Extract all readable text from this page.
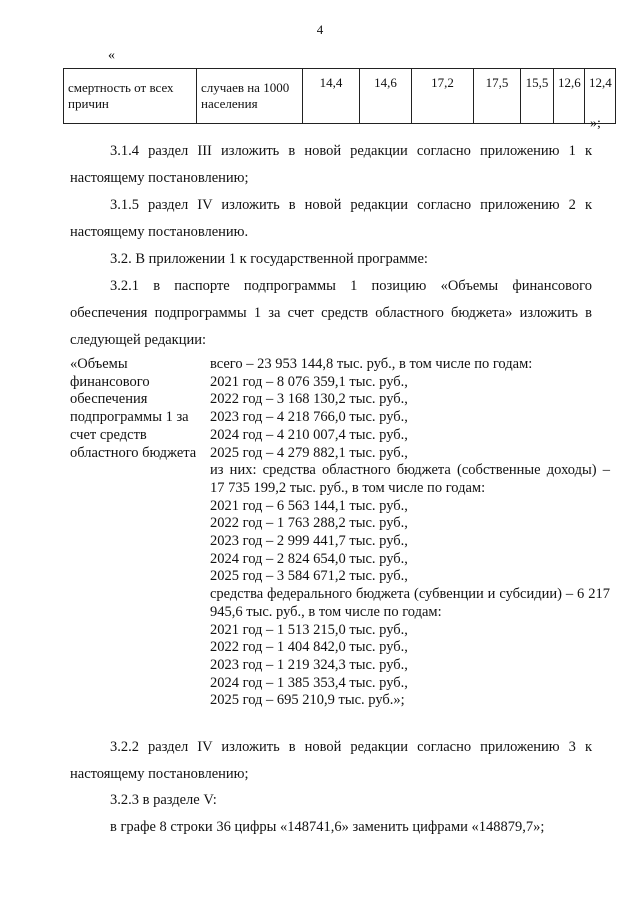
4
«
смертность от всех причин	случаев на 1000 населения	14,4	14,6	17,2	17,5	15,5	12,6	12,4
»;

3.1.4 раздел III изложить в новой редакции согласно приложению 1 к настоящему постановлению;

3.1.5 раздел IV изложить в новой редакции согласно приложению 2 к настоящему постановлению.

3.2. В приложении 1 к государственной программе:

3.2.1 в паспорте подпрограммы 1 позицию «Объемы финансового обеспечения подпрограммы 1 за счет средств областного бюджета» изложить в следующей редакции:

«Объемы финансового обеспечения подпрограммы 1 за счет средств областного бюджета
всего – 23 953 144,8 тыс. руб., в том числе по годам:
2021 год – 8 076 359,1 тыс. руб.,
2022 год – 3 168 130,2 тыс. руб.,
2023 год – 4 218 766,0 тыс. руб.,
2024 год – 4 210 007,4 тыс. руб.,
2025 год – 4 279 882,1 тыс. руб.,
из них: средства областного бюджета (собственные доходы) – 17 735 199,2 тыс. руб., в том числе по годам:
2021 год – 6 563 144,1 тыс. руб.,
2022 год – 1 763 288,2 тыс. руб.,
2023 год – 2 999 441,7 тыс. руб.,
2024 год – 2 824 654,0 тыс. руб.,
2025 год – 3 584 671,2 тыс. руб.,
средства федерального бюджета (субвенции и субсидии) – 6 217 945,6 тыс. руб., в том числе по годам:
2021 год – 1 513 215,0 тыс. руб.,
2022 год – 1 404 842,0 тыс. руб.,
2023 год – 1 219 324,3 тыс. руб.,
2024 год – 1 385 353,4 тыс. руб.,
2025 год – 695 210,9 тыс. руб.»;

3.2.2 раздел IV изложить в новой редакции согласно приложению 3 к настоящему постановлению;

3.2.3 в разделе V:

в графе 8 строки 36 цифры «148741,6» заменить цифрами «148879,7»;
